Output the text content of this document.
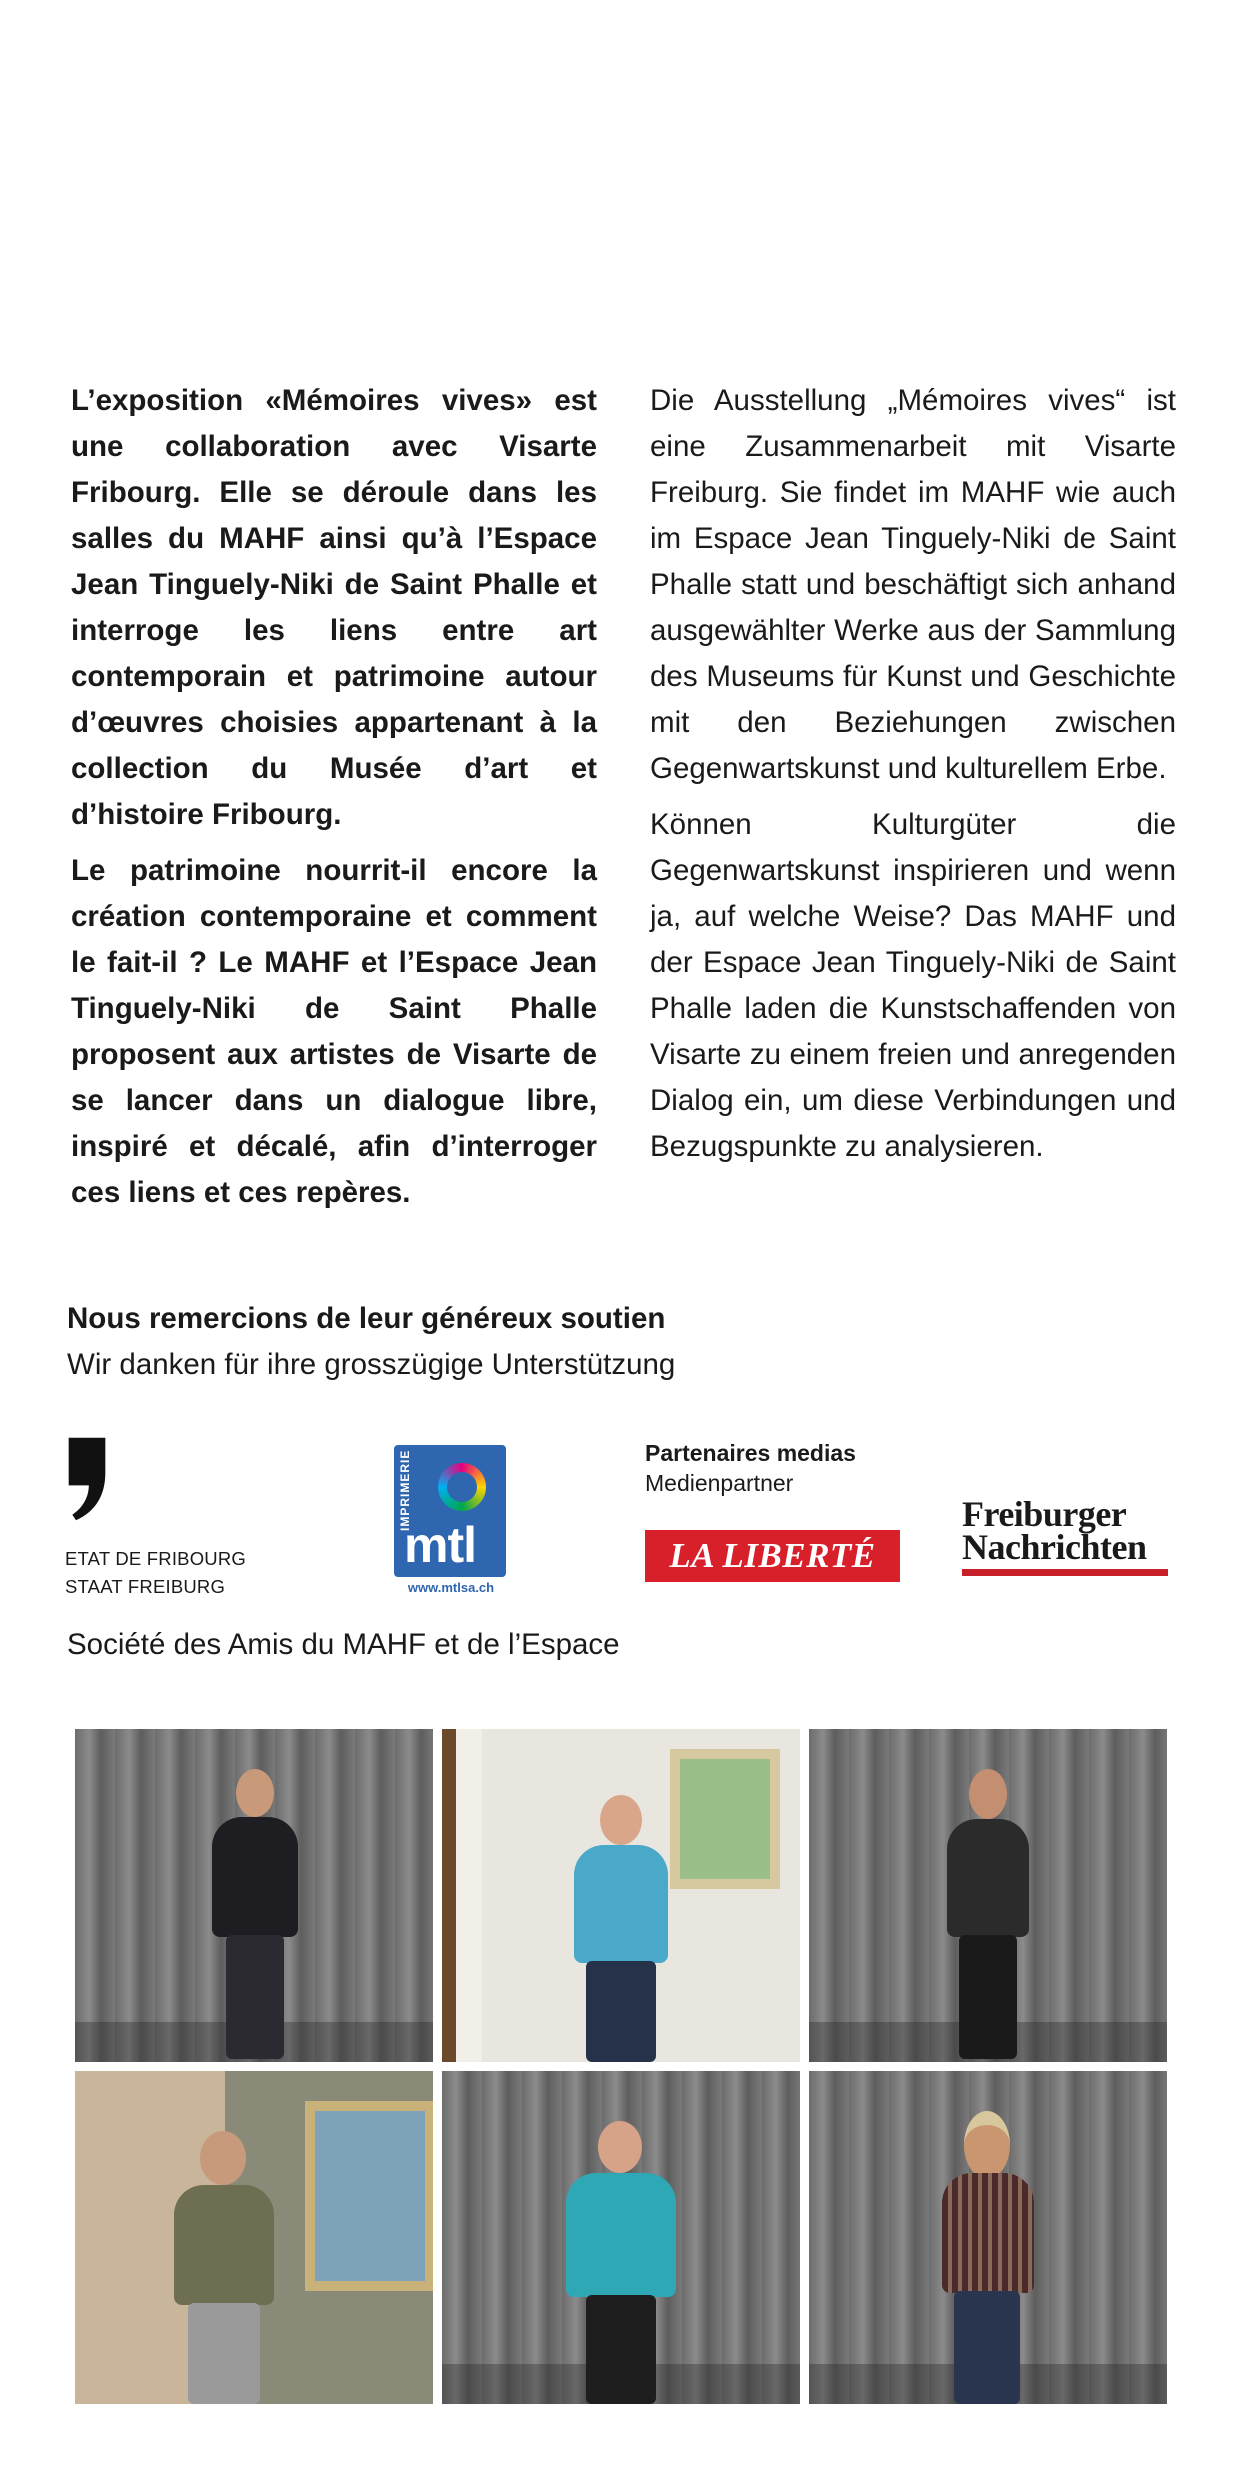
L’exposition «Mémoires vives» est une collaboration avec Visarte Fribourg. Elle se déroule dans les salles du MAHF ainsi qu’à l’Espace Jean Tinguely-Niki de Saint Phalle et interroge les liens entre art contemporain et patrimoine autour d’œuvres choisies appartenant à la collection du Musée d’art et d’histoire Fribourg.

Le patrimoine nourrit-il encore la création contemporaine et comment le fait-il ? Le MAHF et l’Espace Jean Tinguely-Niki de Saint Phalle proposent aux artistes de Visarte de se lancer dans un dialogue libre, inspiré et décalé, afin d’interroger ces liens et ces repères.

Die Ausstellung „Mémoires vives“ ist eine Zusammenarbeit mit Visarte Freiburg. Sie findet im MAHF wie auch im Espace Jean Tinguely-Niki de Saint Phalle statt und beschäftigt sich anhand ausgewählter Werke aus der Sammlung des Museums für Kunst und Geschichte mit den Beziehungen zwischen Gegenwartskunst und kulturellem Erbe.

Können Kulturgüter die Gegenwartskunst inspirieren und wenn ja, auf welche Weise? Das MAHF und der Espace Jean Tinguely-Niki de Saint Phalle laden die Kunstschaffenden von Visarte zu einem freien und anregenden Dialog ein, um diese Verbindungen und Bezugspunkte zu analysieren.

Nous remercions de leur généreux soutien
Wir danken für ihre grosszügige Unterstützung
ETAT DE FRIBOURG
STAAT FREIBURG
IMPRIMERIE
mtl
www.mtlsa.ch
Partenaires medias
Medienpartner
LA LIBERTÉ
Freiburger
Nachrichten
Société des Amis du MAHF et de l’Espace
